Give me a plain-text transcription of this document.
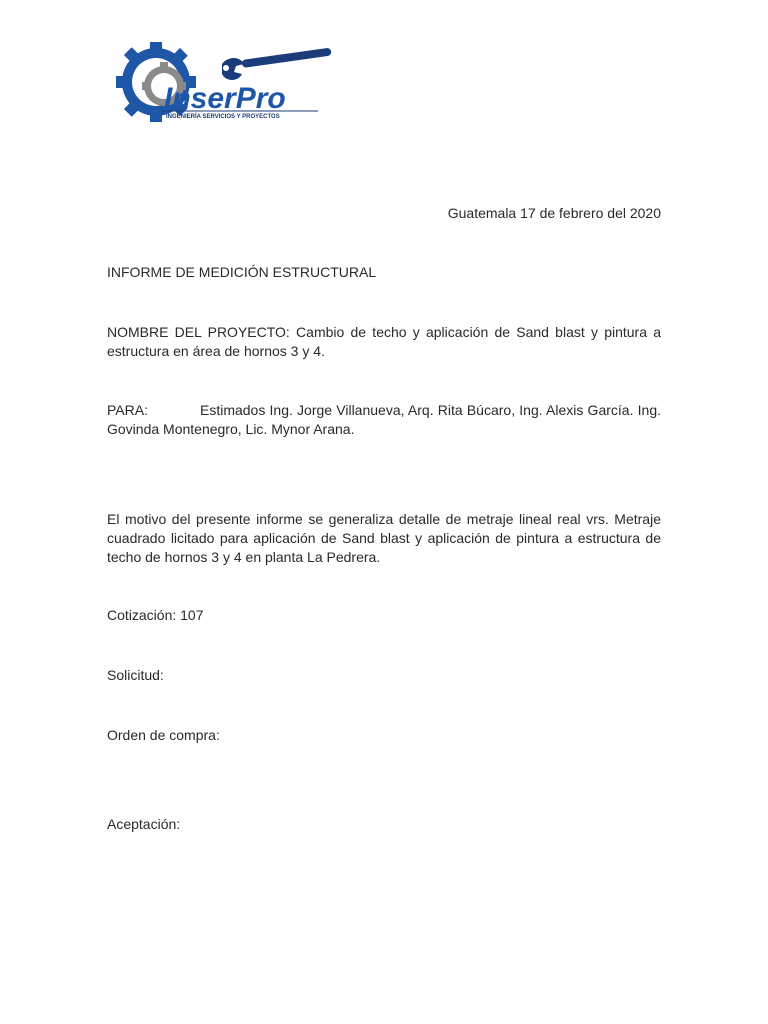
InserPro
INGENIERÍA SERVICIOS Y PROYECTOS

Guatemala 17 de febrero del 2020

INFORME DE MEDICIÓN ESTRUCTURAL

NOMBRE DEL PROYECTO: Cambio de techo y aplicación de Sand blast y pintura a estructura en área de hornos 3 y 4.

PARA:	Estimados Ing. Jorge Villanueva, Arq. Rita Búcaro, Ing. Alexis García. Ing. Govinda Montenegro, Lic. Mynor Arana.

El motivo del presente informe se generaliza detalle de metraje lineal real vrs. Metraje cuadrado licitado para aplicación de Sand blast y aplicación de pintura a estructura de techo de hornos 3 y 4 en planta La Pedrera.

Cotización: 107

Solicitud:

Orden de compra:

Aceptación:
